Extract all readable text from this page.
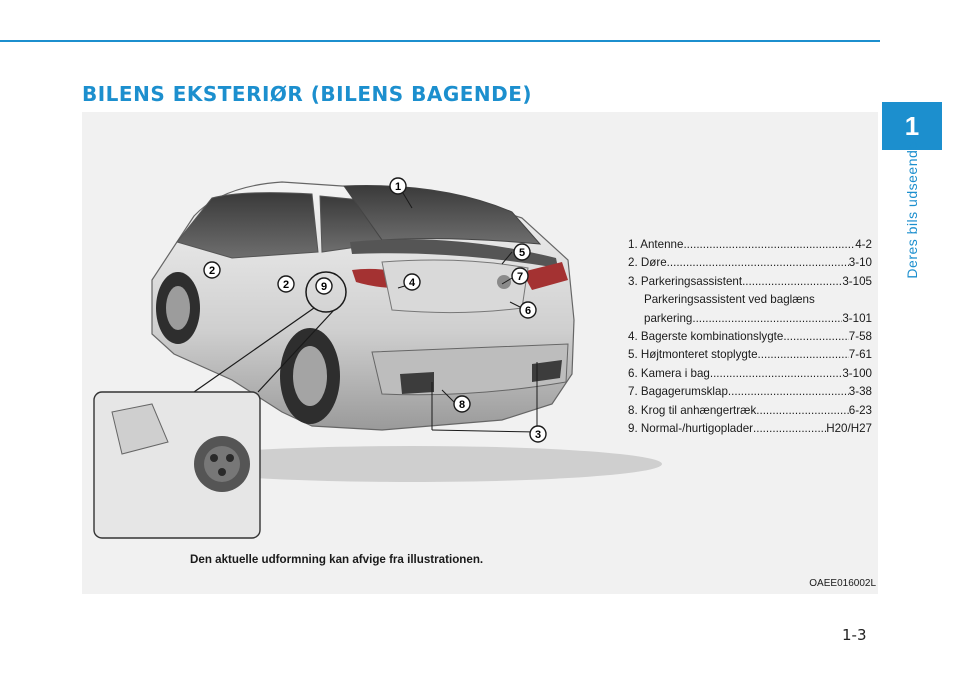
BILENS EKSTERIØR (BILENS BAGENDE)
1
Deres bils udseende
1
2
2
3
4
5
6
7
8
9
1. Antenne .....	4-2
2. Døre .....	3-10
3. Parkeringsassistent .....	3-105
Parkeringsassistent ved baglæns
parkering .....	3-101
4. Bagerste kombinationslygte .....	7-58
5. Højtmonteret stoplygte .....	7-61
6. Kamera i bag .....	3-100
7. Bagagerumsklap .....	3-38
8. Krog til anhængertræk .....	6-23
9. Normal-/hurtigoplader .....	H20/H27
Den aktuelle udformning kan afvige fra illustrationen.
OAEE016002L
1-3
